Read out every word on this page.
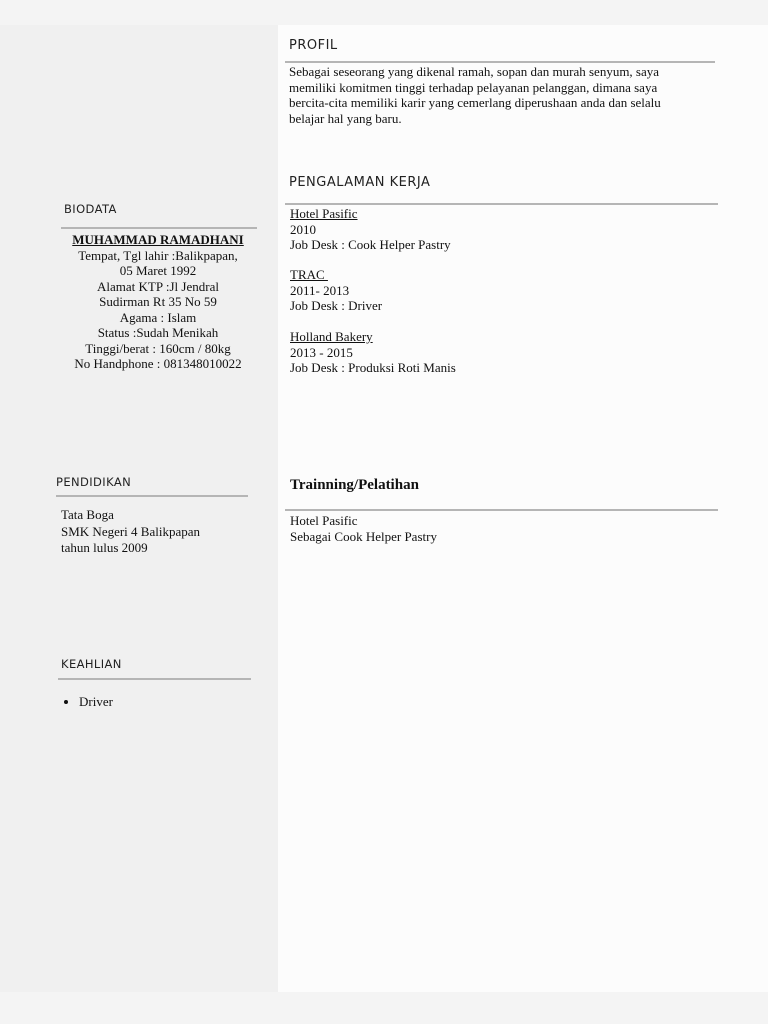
PROFIL
Sebagai seseorang yang dikenal ramah, sopan dan murah senyum, saya
memiliki komitmen tinggi terhadap pelayanan pelanggan, dimana saya
bercita-cita memiliki karir yang cemerlang diperushaan anda dan selalu
belajar hal yang baru.
PENGALAMAN KERJA
Hotel Pasific
2010
Job Desk : Cook Helper Pastry
TRAC
2011- 2013
Job Desk : Driver
Holland Bakery
2013 - 2015
Job Desk : Produksi Roti Manis
Trainning/Pelatihan
Hotel Pasific
Sebagai Cook Helper Pastry
BIODATA
MUHAMMAD RAMADHANI
Tempat, Tgl lahir :Balikpapan,
05 Maret 1992
Alamat KTP :Jl Jendral
Sudirman Rt 35 No 59
Agama : Islam
Status :Sudah Menikah
Tinggi/berat : 160cm / 80kg
No Handphone : 081348010022
PENDIDIKAN
Tata Boga
SMK Negeri 4 Balikpapan
tahun lulus 2009
KEAHLIAN
• Driver
